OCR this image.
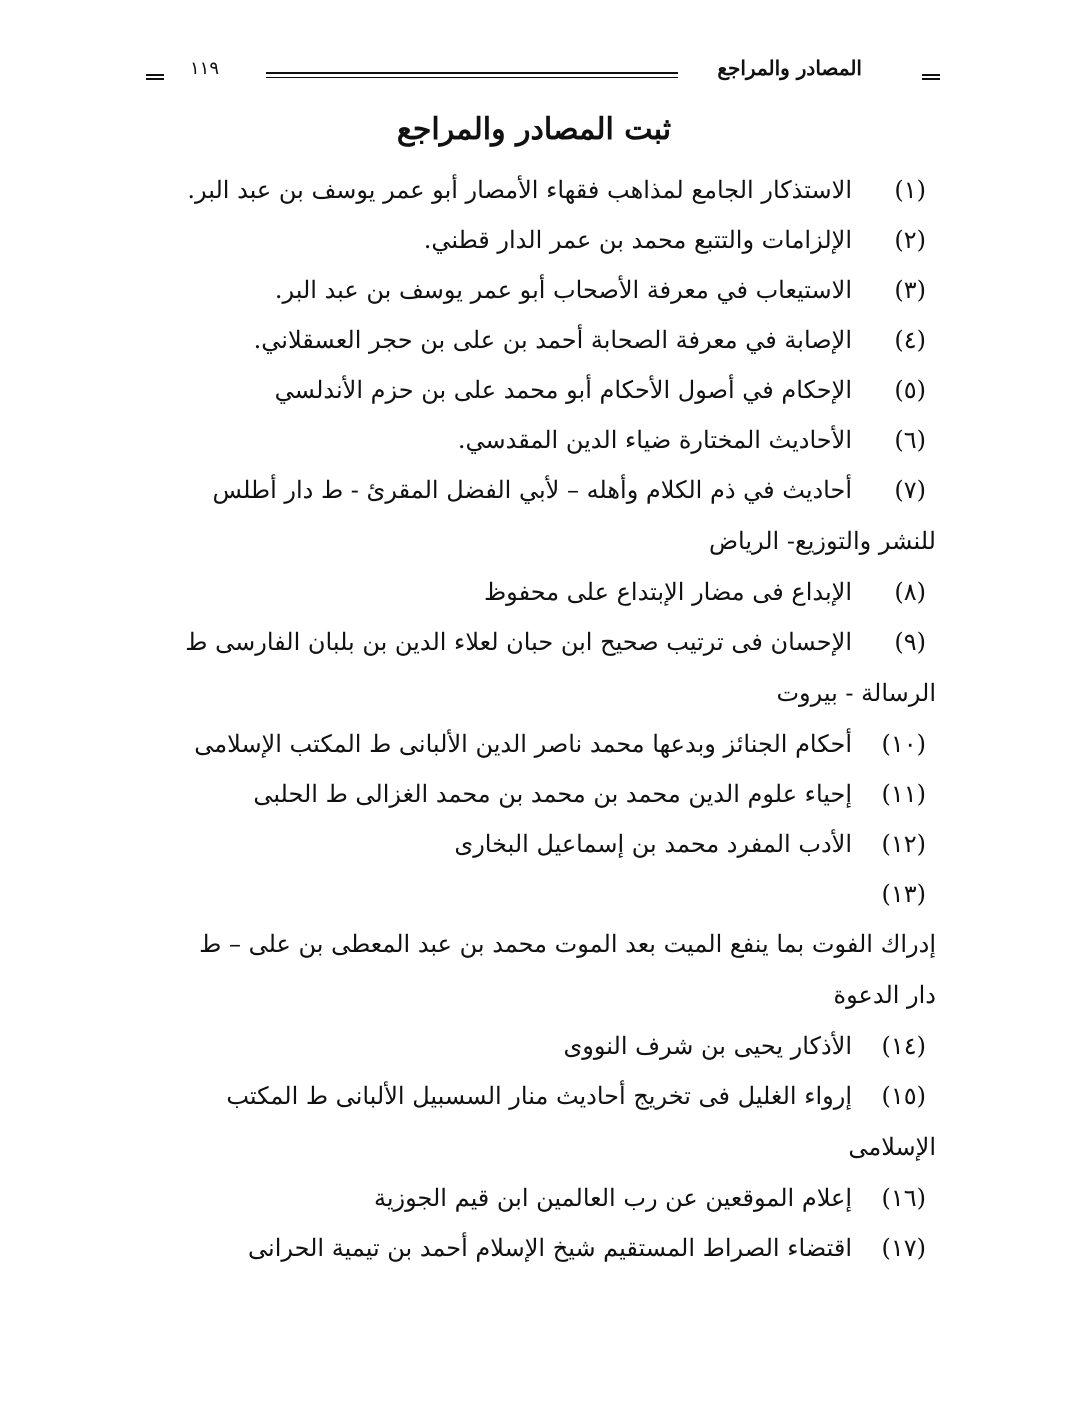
المصادر والمراجع
١١٩
ثبت المصادر والمراجع
(١)الاستذكار الجامع لمذاهب فقهاء الأمصار أبو عمر يوسف بن عبد البر.
(٢)الإلزامات والتتبع محمد بن عمر الدار قطني.
(٣)الاستيعاب في معرفة الأصحاب أبو عمر يوسف بن عبد البر.
(٤)الإصابة في معرفة الصحابة أحمد بن على بن حجر العسقلاني.
(٥)الإحكام في أصول الأحكام أبو محمد على بن حزم الأندلسي
(٦)الأحاديث المختارة ضياء الدين المقدسي.
(٧)أحاديث في ذم الكلام وأهله – لأبي الفضل المقرئ - ط دار أطلس
للنشر والتوزيع- الرياض
(٨)الإبداع فى مضار الإبتداع على محفوظ
(٩)الإحسان فى ترتيب صحيح ابن حبان لعلاء الدين بن بلبان الفارسى ط
الرسالة - بيروت
(١٠)أحكام الجنائز وبدعها محمد ناصر الدين الألبانى ط المكتب الإسلامى
(١١)إحياء علوم الدين محمد بن محمد بن محمد الغزالى ط الحلبى
(١٢)الأدب المفرد محمد بن إسماعيل البخارى
(١٣)إدراك الفوت بما ينفع الميت بعد الموت محمد بن عبد المعطى بن على – ط
دار الدعوة
(١٤)الأذكار يحيى بن شرف النووى
(١٥)إرواء الغليل فى تخريج أحاديث منار السسبيل الألبانى ط المكتب
الإسلامى
(١٦)إعلام الموقعين عن رب العالمين ابن قيم الجوزية
(١٧)اقتضاء الصراط المستقيم شيخ الإسلام أحمد بن تيمية الحرانى
